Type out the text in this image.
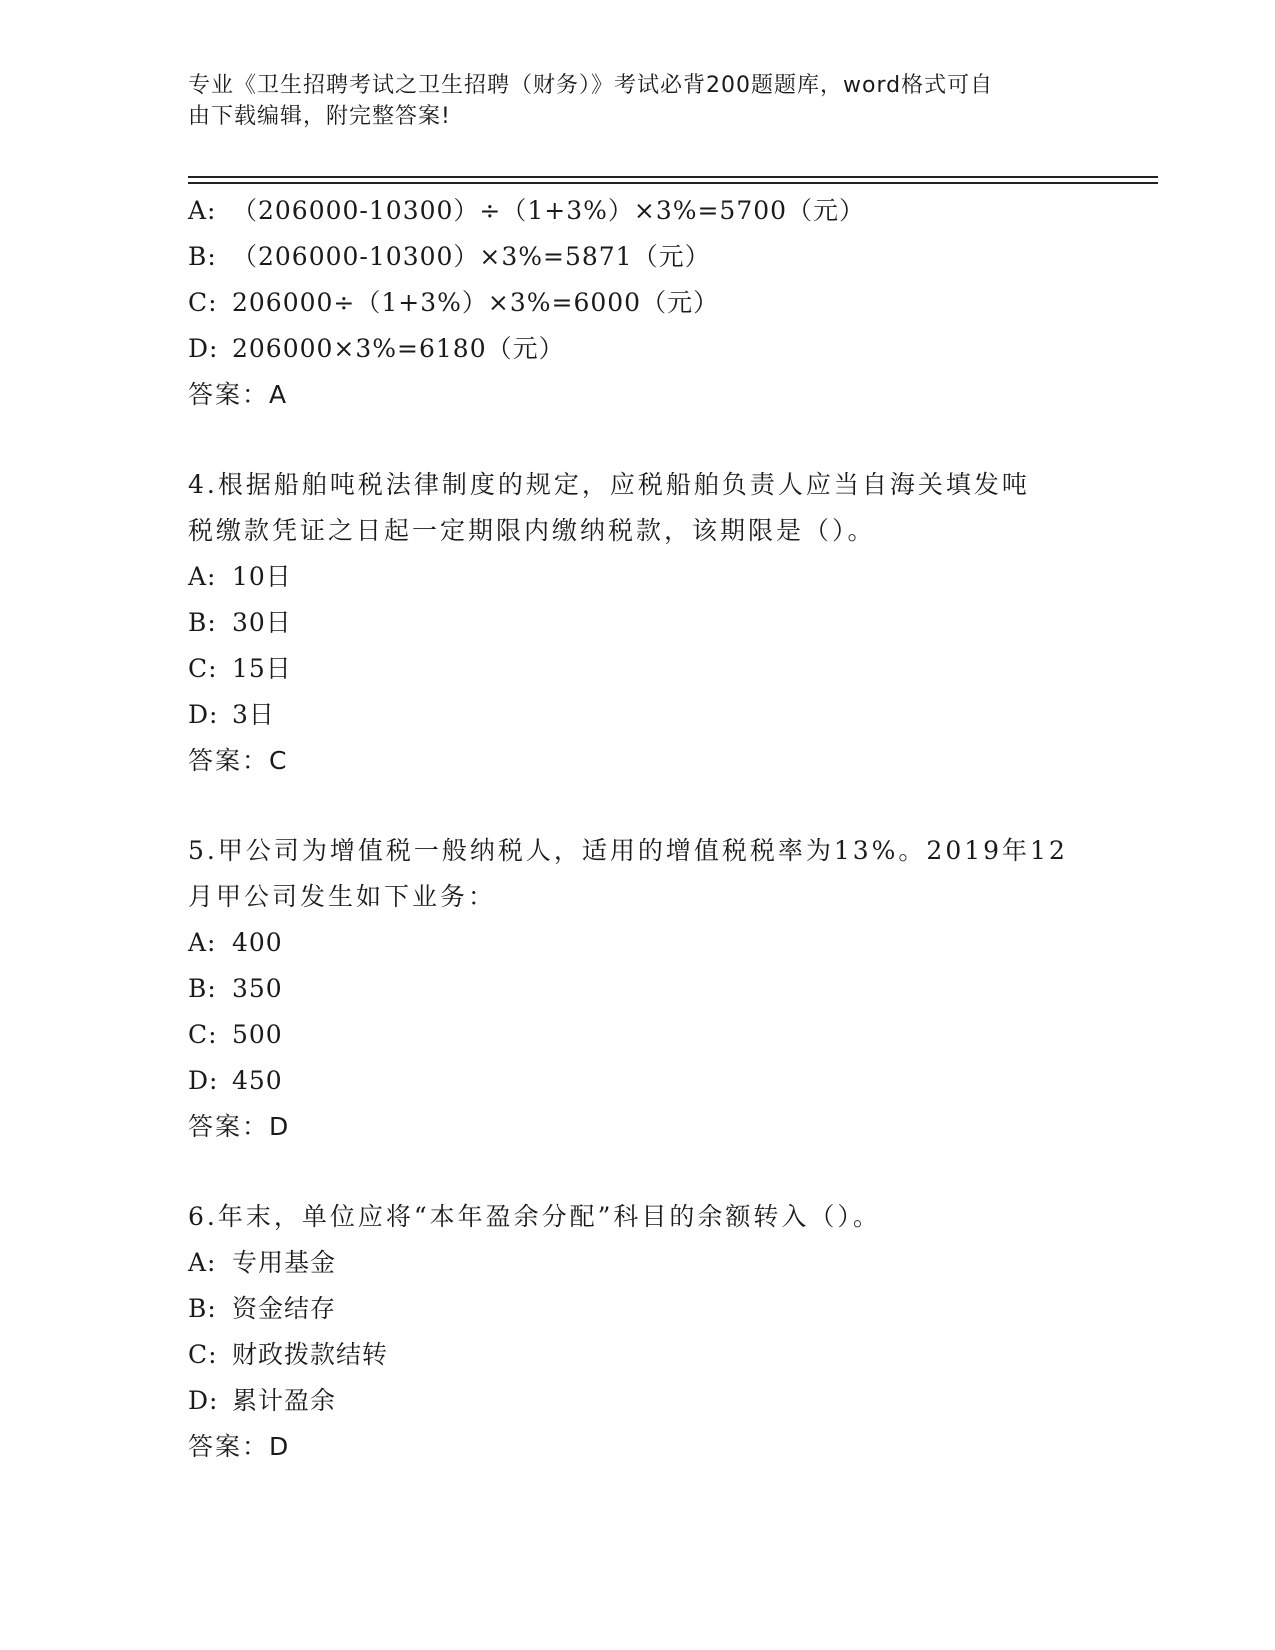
专业《卫生招聘考试之卫生招聘（财务）》考试必背200题题库，word格式可自
由下载编辑，附完整答案!
A: （206000-10300）÷（1+3%）×3%=5700（元）
B: （206000-10300）×3%=5871（元）
C: 206000÷（1+3%）×3%=6000（元）
D: 206000×3%=6180（元）
答案：A
4.根据船舶吨税法律制度的规定，应税船舶负责人应当自海关填发吨
税缴款凭证之日起一定期限内缴纳税款，该期限是（）。
A: 10日
B: 30日
C: 15日
D: 3日
答案：C
5.甲公司为增值税一般纳税人，适用的增值税税率为13%。2019年12
月甲公司发生如下业务：
A: 400
B: 350
C: 500
D: 450
答案：D
6.年末，单位应将“本年盈余分配”科目的余额转入（）。
A: 专用基金
B: 资金结存
C: 财政拨款结转
D: 累计盈余
答案：D
